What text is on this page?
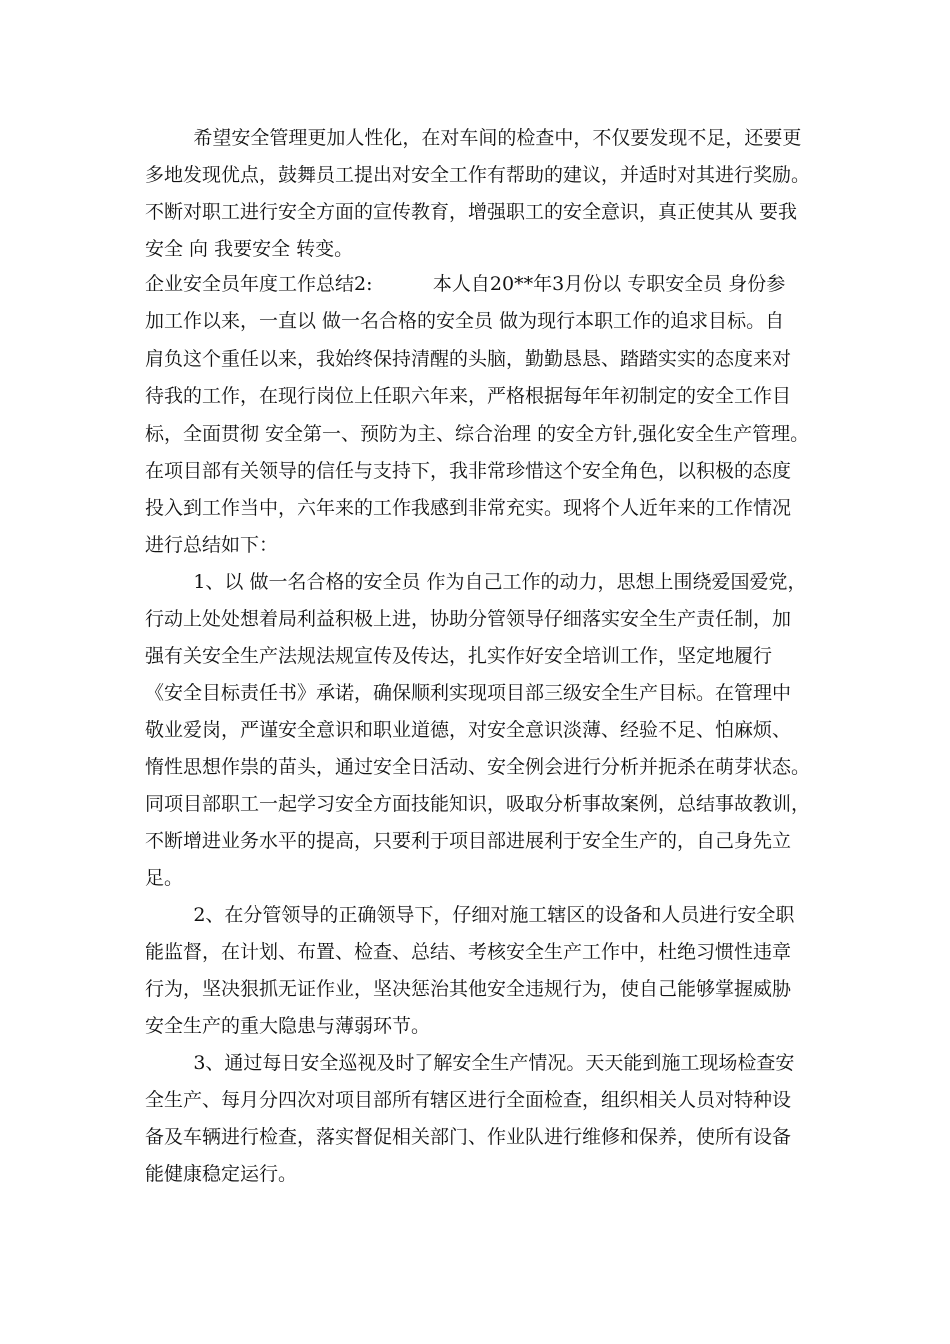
希望安全管理更加人性化，在对车间的检查中，不仅要发现不足，还要更
多地发现优点，鼓舞员工提出对安全工作有帮助的建议，并适时对其进行奖励。
不断对职工进行安全方面的宣传教育，增强职工的安全意识，真正使其从 要我
安全 向 我要安全 转变。
企业安全员年度工作总结2:          本人自20**年3月份以 专职安全员 身份参
加工作以来，一直以 做一名合格的安全员 做为现行本职工作的追求目标。自
肩负这个重任以来，我始终保持清醒的头脑，勤勤恳恳、踏踏实实的态度来对
待我的工作，在现行岗位上任职六年来，严格根据每年年初制定的安全工作目
标，全面贯彻 安全第一、预防为主、综合治理 的安全方针,强化安全生产管理。
在项目部有关领导的信任与支持下，我非常珍惜这个安全角色，以积极的态度
投入到工作当中，六年来的工作我感到非常充实。现将个人近年来的工作情况
进行总结如下：
1、以 做一名合格的安全员 作为自己工作的动力，思想上围绕爱国爱党，
行动上处处想着局利益积极上进，协助分管领导仔细落实安全生产责任制，加
强有关安全生产法规法规宣传及传达，扎实作好安全培训工作，坚定地履行
《安全目标责任书》承诺，确保顺利实现项目部三级安全生产目标。在管理中
敬业爱岗，严谨安全意识和职业道德，对安全意识淡薄、经验不足、怕麻烦、
惰性思想作祟的苗头，通过安全日活动、安全例会进行分析并扼杀在萌芽状态。
同项目部职工一起学习安全方面技能知识，吸取分析事故案例，总结事故教训，
不断增进业务水平的提高，只要利于项目部进展利于安全生产的，自己身先立
足。
2、在分管领导的正确领导下，仔细对施工辖区的设备和人员进行安全职
能监督，在计划、布置、检查、总结、考核安全生产工作中，杜绝习惯性违章
行为，坚决狠抓无证作业，坚决惩治其他安全违规行为，使自己能够掌握威胁
安全生产的重大隐患与薄弱环节。
3、通过每日安全巡视及时了解安全生产情况。天天能到施工现场检查安
全生产、每月分四次对项目部所有辖区进行全面检查，组织相关人员对特种设
备及车辆进行检查，落实督促相关部门、作业队进行维修和保养，使所有设备
能健康稳定运行。
